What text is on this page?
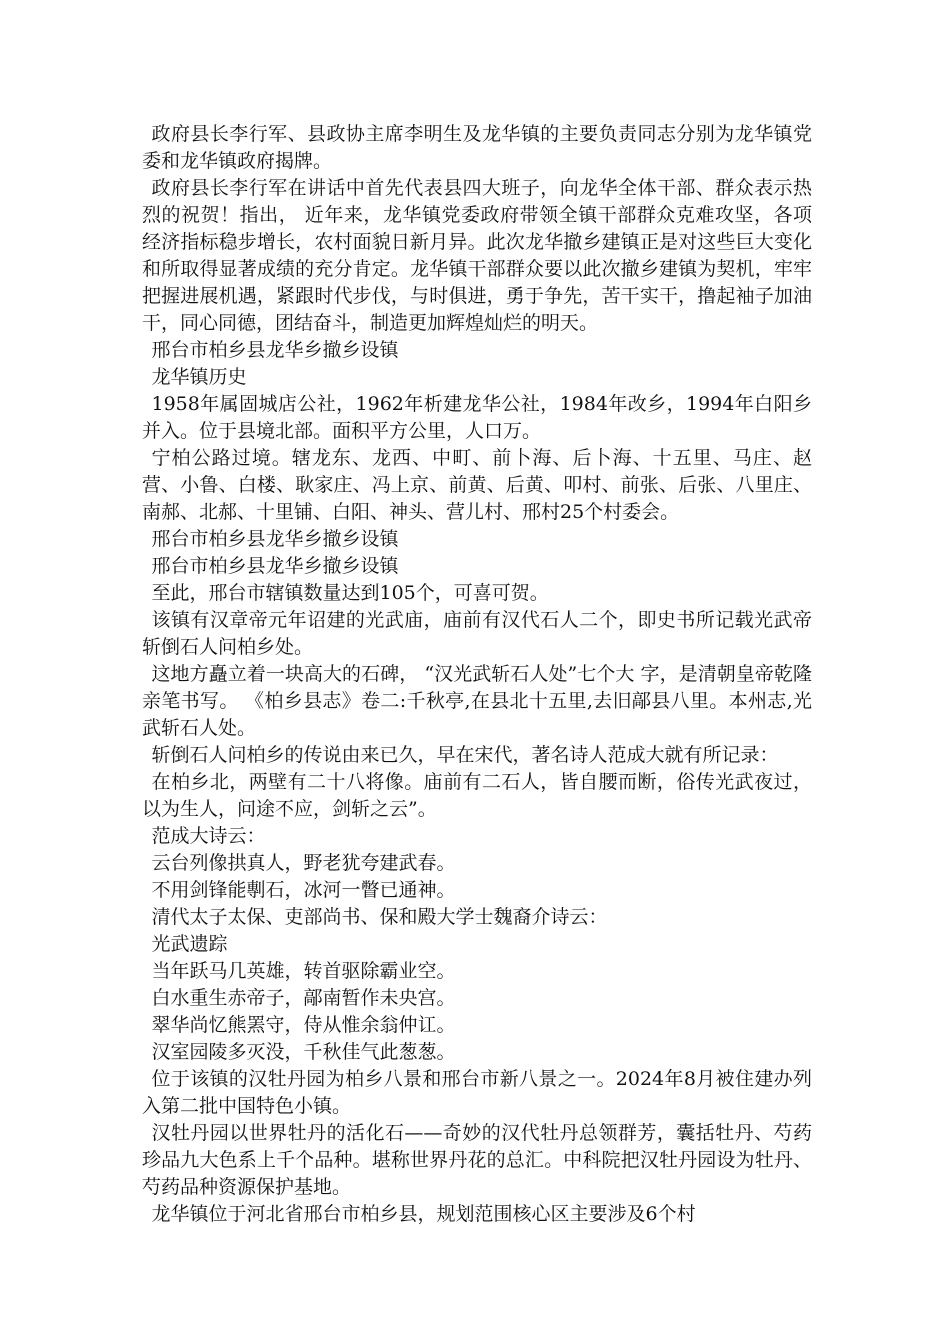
政府县长李行军、县政协主席李明生及龙华镇的主要负责同志分别为龙华镇党委和龙华镇政府揭牌。

政府县长李行军在讲话中首先代表县四大班子，向龙华全体干部、群众表示热烈的祝贺！指出， 近年来，龙华镇党委政府带领全镇干部群众克难攻坚，各项经济指标稳步增长，农村面貌日新月异。此次龙华撤乡建镇正是对这些巨大变化和所取得显著成绩的充分肯定。龙华镇干部群众要以此次撤乡建镇为契机，牢牢把握进展机遇，紧跟时代步伐，与时俱进，勇于争先，苦干实干，撸起袖子加油干，同心同德，团结奋斗，制造更加辉煌灿烂的明天。

邢台市柏乡县龙华乡撤乡设镇

龙华镇历史

1958年属固城店公社，1962年析建龙华公社，1984年改乡，1994年白阳乡并入。位于县境北部。面积平方公里，人口万。

宁柏公路过境。辖龙东、龙西、中町、前卜海、后卜海、十五里、马庄、赵营、小鲁、白楼、耿家庄、冯上京、前黄、后黄、叩村、前张、后张、八里庄、南郝、北郝、十里铺、白阳、神头、营儿村、邢村25个村委会。

邢台市柏乡县龙华乡撤乡设镇

邢台市柏乡县龙华乡撤乡设镇

至此，邢台市辖镇数量达到105个，可喜可贺。

该镇有汉章帝元年诏建的光武庙，庙前有汉代石人二个，即史书所记载光武帝斩倒石人问柏乡处。

这地方矗立着一块高大的石碑， “汉光武斩石人处”七个大 字，是清朝皇帝乾隆亲笔书写。 《柏乡县志》卷二:千秋亭,在县北十五里,去旧鄗县八里。本州志,光武斩石人处。

斩倒石人问柏乡的传说由来已久，早在宋代，著名诗人范成大就有所记录：

在柏乡北，两壁有二十八将像。庙前有二石人，皆自腰而断，俗传光武夜过，以为生人，问途不应，剑斩之云”。

范成大诗云：

云台列像拱真人，野老犹夸建武春。

不用剑锋能剸石，冰河一瞥已通神。

清代太子太保、吏部尚书、保和殿大学士魏裔介诗云：

光武遗踪

当年跃马几英雄，转首驱除霸业空。

白水重生赤帝子，鄗南暂作未央宫。

翠华尚忆熊罴守，侍从惟余翁仲讧。

汉室园陵多灭没，千秋佳气此葱葱。

位于该镇的汉牡丹园为柏乡八景和邢台市新八景之一。2024年8月被住建办列入第二批中国特色小镇。

汉牡丹园以世界牡丹的活化石——奇妙的汉代牡丹总领群芳，囊括牡丹、芍药珍品九大色系上千个品种。堪称世界丹花的总汇。中科院把汉牡丹园设为牡丹、芍药品种资源保护基地。

龙华镇位于河北省邢台市柏乡县，规划范围核心区主要涉及6个村
